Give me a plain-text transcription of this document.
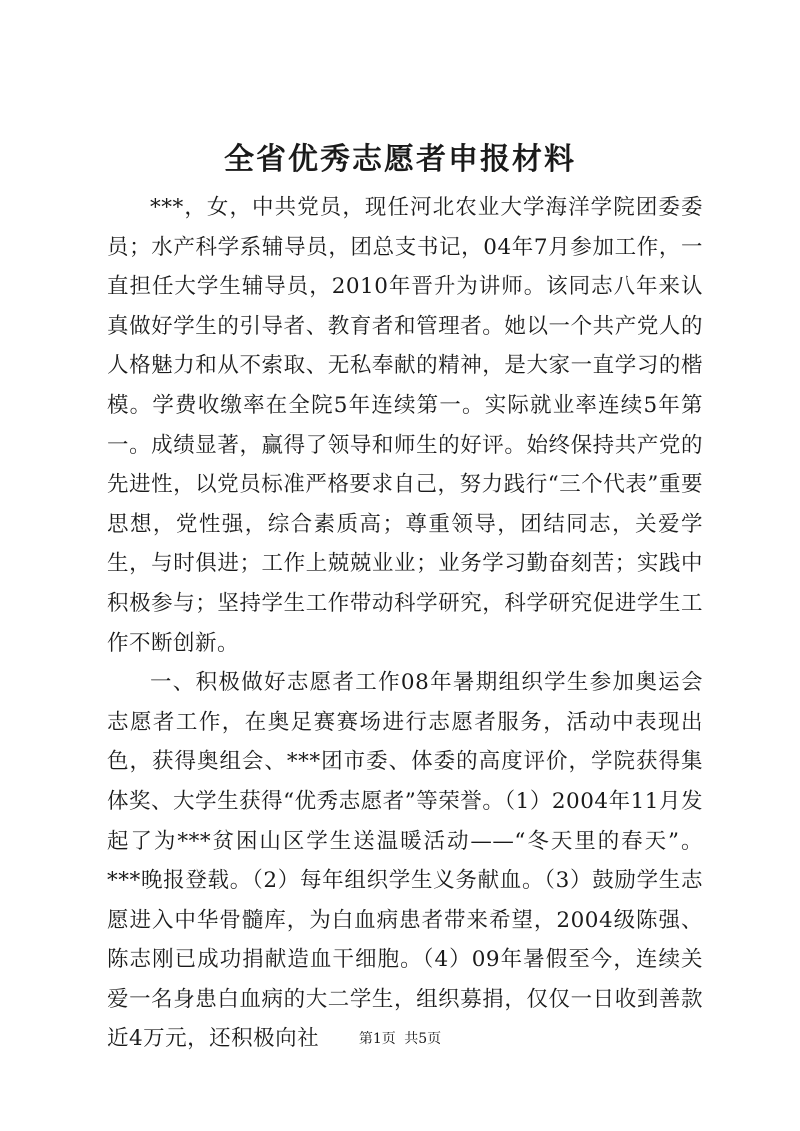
全省优秀志愿者申报材料

***，女，中共党员，现任河北农业大学海洋学院团委委员；水产科学系辅导员，团总支书记，04年7月参加工作，一直担任大学生辅导员，2010年晋升为讲师。该同志八年来认真做好学生的引导者、教育者和管理者。她以一个共产党人的人格魅力和从不索取、无私奉献的精神，是大家一直学习的楷模。学费收缴率在全院5年连续第一。实际就业率连续5年第一。成绩显著，赢得了领导和师生的好评。始终保持共产党的先进性，以党员标准严格要求自己，努力践行“三个代表”重要思想，党性强，综合素质高；尊重领导，团结同志，关爱学生，与时俱进；工作上兢兢业业；业务学习勤奋刻苦；实践中积极参与；坚持学生工作带动科学研究，科学研究促进学生工作不断创新。

一、积极做好志愿者工作08年暑期组织学生参加奥运会志愿者工作，在奥足赛赛场进行志愿者服务，活动中表现出色，获得奥组会、***团市委、体委的高度评价，学院获得集体奖、大学生获得“优秀志愿者”等荣誉。（1）2004年11月发起了为***贫困山区学生送温暖活动——“冬天里的春天”。***晚报登载。（2）每年组织学生义务献血。（3）鼓励学生志愿进入中华骨髓库，为白血病患者带来希望，2004级陈强、陈志刚已成功捐献造血干细胞。（4）09年暑假至今，连续关爱一名身患白血病的大二学生，组织募捐，仅仅一日收到善款近4万元，还积极向社	第1页 共5页
